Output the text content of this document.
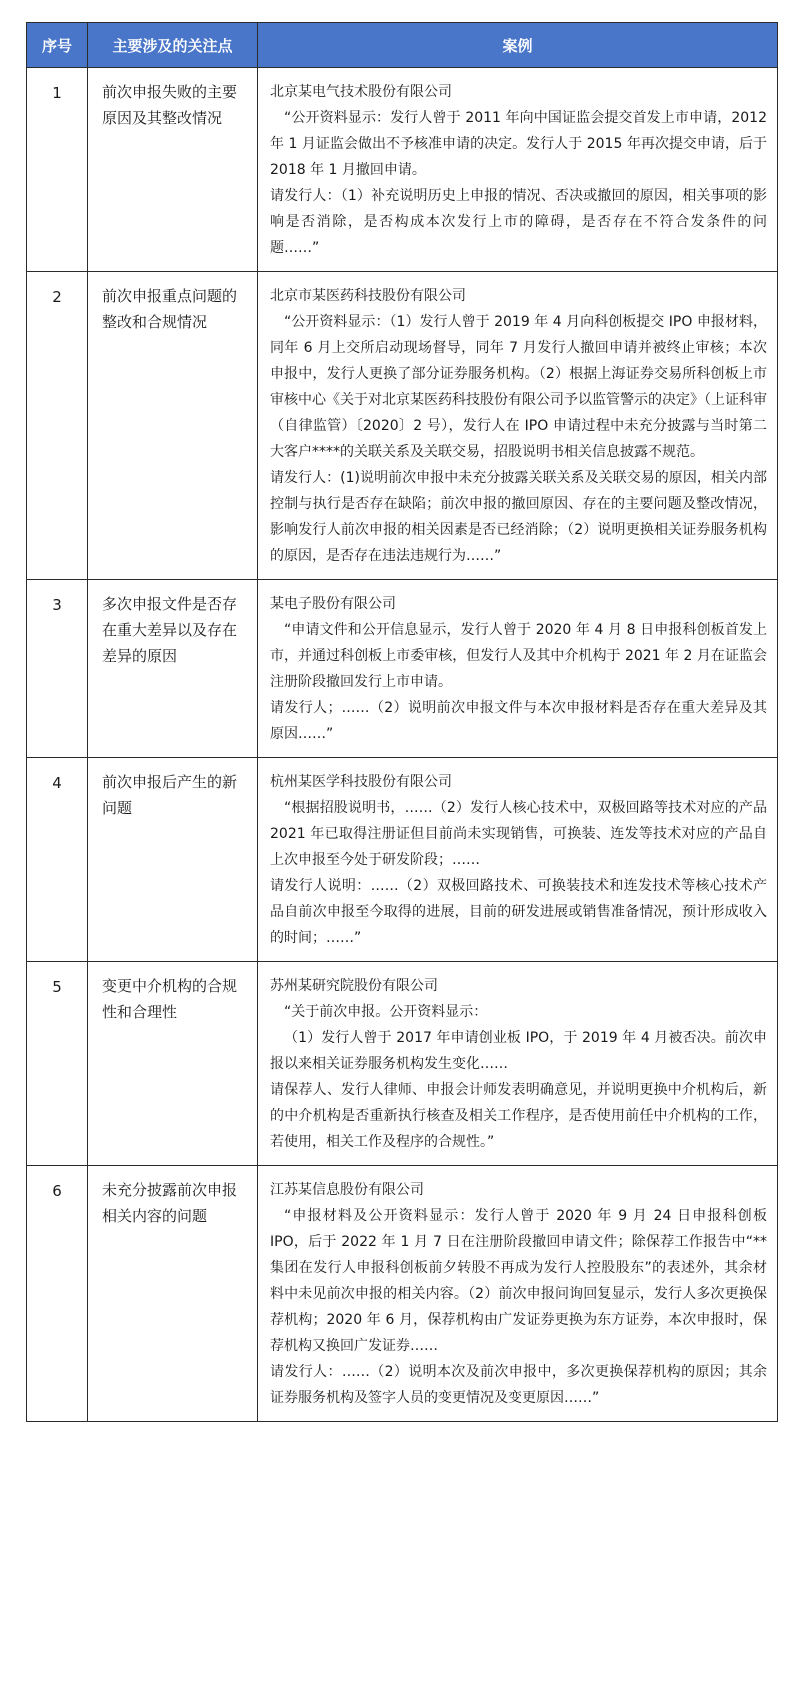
序号	主要涉及的关注点	案例
1	前次申报失败的主要原因及其整改情况	北京某电气技术股份有限公司

“公开资料显示：发行人曾于 2011 年向中国证监会提交首发上市申请，2012 年 1 月证监会做出不予核准申请的决定。发行人于 2015 年再次提交申请，后于 2018 年 1 月撤回申请。

请发行人：（1）补充说明历史上申报的情况、否决或撤回的原因，相关事项的影响是否消除，是否构成本次发行上市的障碍，是否存在不符合发条件的问题……”

2	前次申报重点问题的整改和合规情况	北京市某医药科技股份有限公司

“公开资料显示：（1）发行人曾于 2019 年 4 月向科创板提交 IPO 申报材料，同年 6 月上交所启动现场督导，同年 7 月发行人撤回申请并被终止审核；本次申报中，发行人更换了部分证券服务机构。（2）根据上海证券交易所科创板上市审核中心《关于对北京某医药科技股份有限公司予以监管警示的决定》（上证科审（自律监管）〔2020〕2 号），发行人在 IPO 申请过程中未充分披露与当时第二大客户****的关联关系及关联交易，招股说明书相关信息披露不规范。

请发行人：(1)说明前次申报中未充分披露关联关系及关联交易的原因，相关内部控制与执行是否存在缺陷；前次申报的撤回原因、存在的主要问题及整改情况，影响发行人前次申报的相关因素是否已经消除；（2）说明更换相关证券服务机构的原因，是否存在违法违规行为……”

3	多次申报文件是否存在重大差异以及存在差异的原因	某电子股份有限公司

“申请文件和公开信息显示，发行人曾于 2020 年 4 月 8 日申报科创板首发上市，并通过科创板上市委审核，但发行人及其中介机构于 2021 年 2 月在证监会注册阶段撤回发行上市申请。

请发行人；……（2）说明前次申报文件与本次申报材料是否存在重大差异及其原因……”

4	前次申报后产生的新问题	杭州某医学科技股份有限公司

“根据招股说明书，……（2）发行人核心技术中，双极回路等技术对应的产品 2021 年已取得注册证但目前尚未实现销售，可换装、连发等技术对应的产品自上次申报至今处于研发阶段；……

请发行人说明：……（2）双极回路技术、可换装技术和连发技术等核心技术产品自前次申报至今取得的进展，目前的研发进展或销售准备情况，预计形成收入的时间；……”

5	变更中介机构的合规性和合理性	苏州某研究院股份有限公司

“关于前次申报。公开资料显示：

（1）发行人曾于 2017 年申请创业板 IPO，于 2019 年 4 月被否决。前次申报以来相关证券服务机构发生变化……

请保荐人、发行人律师、申报会计师发表明确意见，并说明更换中介机构后，新的中介机构是否重新执行核查及相关工作程序，是否使用前任中介机构的工作，若使用，相关工作及程序的合规性。”

6	未充分披露前次申报相关内容的问题	江苏某信息股份有限公司

“申报材料及公开资料显示：发行人曾于 2020 年 9 月 24 日申报科创板 IPO，后于 2022 年 1 月 7 日在注册阶段撤回申请文件；除保荐工作报告中“**集团在发行人申报科创板前夕转股不再成为发行人控股股东”的表述外，其余材料中未见前次申报的相关内容。（2）前次申报问询回复显示，发行人多次更换保荐机构；2020 年 6 月，保荐机构由广发证券更换为东方证券，本次申报时，保荐机构又换回广发证券……

请发行人：……（2）说明本次及前次申报中，多次更换保荐机构的原因；其余证券服务机构及签字人员的变更情况及变更原因……”
